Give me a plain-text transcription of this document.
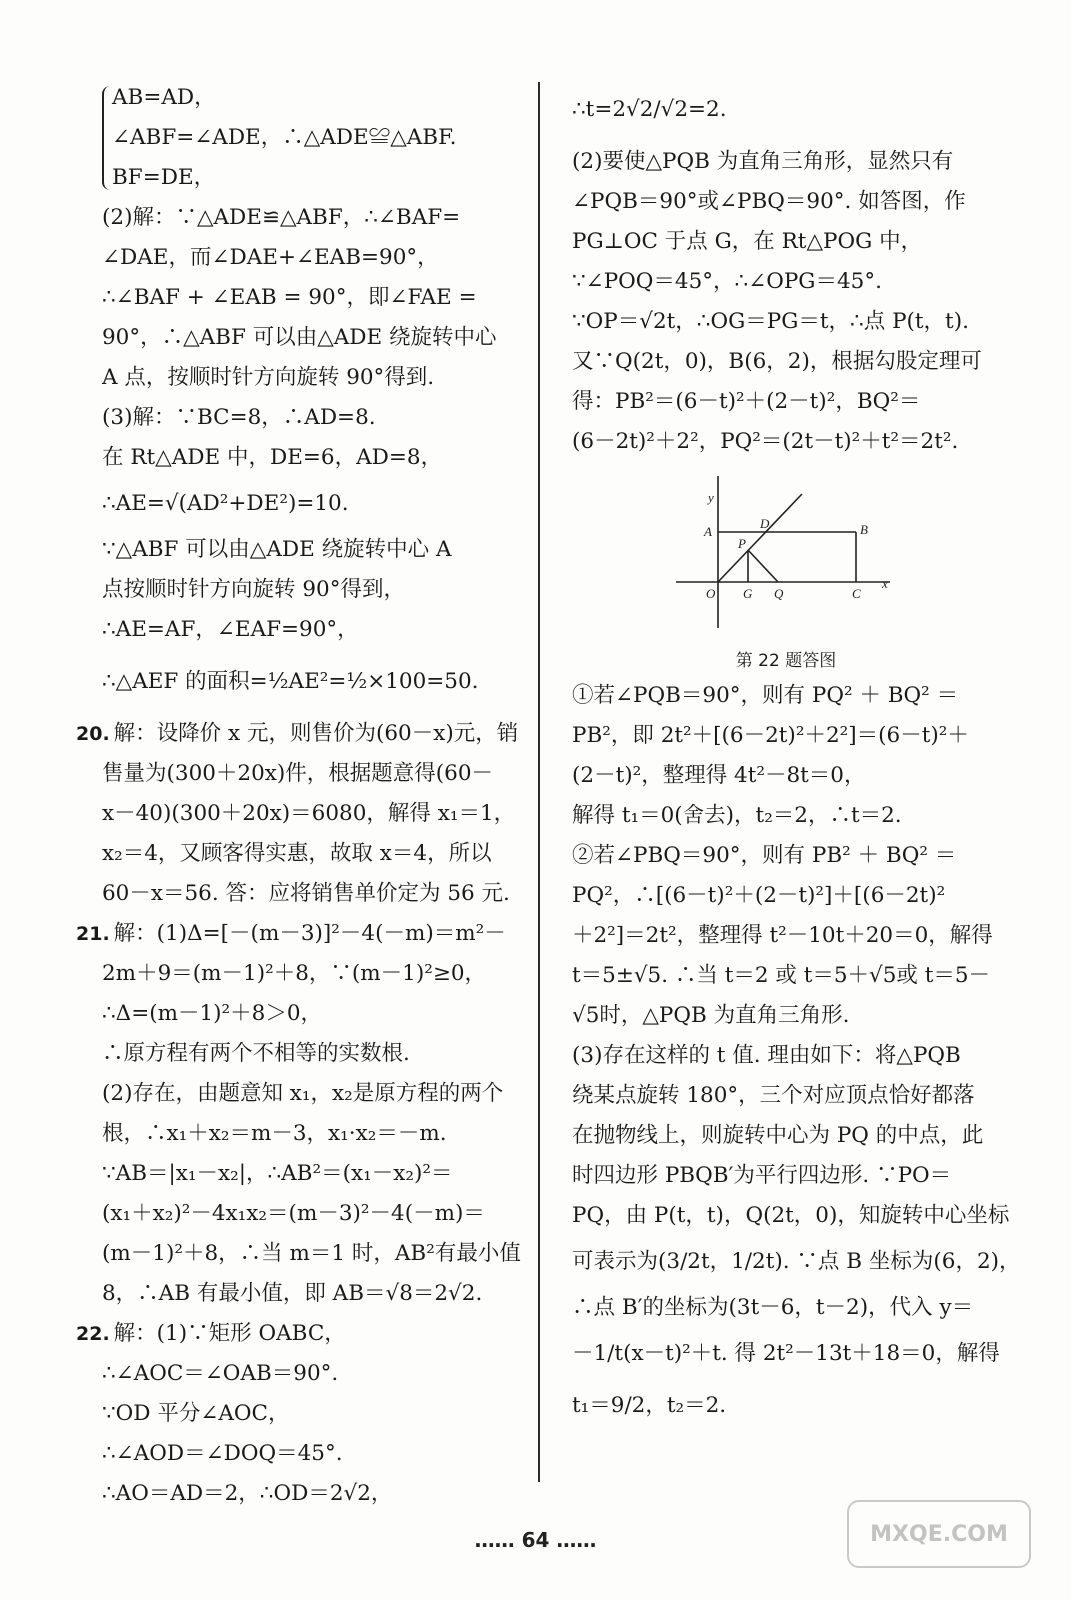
AB=AD，
∠ABF=∠ADE，∴△ADE≌△ABF.
BF=DE，
(2)解：∵△ADE≌△ABF，∴∠BAF=
∠DAE，而∠DAE+∠EAB=90°，
∴∠BAF + ∠EAB = 90°，即∠FAE =
90°，∴△ABF 可以由△ADE 绕旋转中心
A 点，按顺时针方向旋转 90°得到.
(3)解：∵BC=8，∴AD=8.
在 Rt△ADE 中，DE=6，AD=8，
∴AE=√(AD²+DE²)=10.
∵△ABF 可以由△ADE 绕旋转中心 A
点按顺时针方向旋转 90°得到，
∴AE=AF，∠EAF=90°，
∴△AEF 的面积=½AE²=½×100=50.
20. 解：设降价 x 元，则售价为(60－x)元，销
售量为(300＋20x)件，根据题意得(60－
x－40)(300＋20x)＝6080，解得 x₁＝1，
x₂＝4，又顾客得实惠，故取 x＝4，所以
60－x＝56. 答：应将销售单价定为 56 元.
21. 解：(1)Δ=[－(m－3)]²－4(－m)＝m²－
2m＋9＝(m－1)²＋8，∵(m－1)²≥0，
∴Δ=(m－1)²＋8＞0，
∴原方程有两个不相等的实数根.
(2)存在，由题意知 x₁，x₂是原方程的两个
根，∴x₁＋x₂＝m－3，x₁·x₂＝－m.
∵AB＝|x₁－x₂|，∴AB²＝(x₁－x₂)²＝
(x₁＋x₂)²－4x₁x₂＝(m－3)²－4(－m)＝
(m－1)²＋8，∴当 m＝1 时，AB²有最小值
8，∴AB 有最小值，即 AB＝√8＝2√2.
22. 解：(1)∵矩形 OABC，
∴∠AOC＝∠OAB＝90°.
∵OD 平分∠AOC，
∴∠AOD＝∠DOQ＝45°.
∴AO＝AD＝2，∴OD＝2√2，
∴t=2√2/√2=2.
(2)要使△PQB 为直角三角形，显然只有
∠PQB＝90°或∠PBQ＝90°. 如答图，作
PG⊥OC 于点 G，在 Rt△POG 中，
∵∠POQ＝45°，∴∠OPG＝45°.
∵OP＝√2t，∴OG＝PG＝t，∴点 P(t，t).
又∵Q(2t，0)，B(6，2)，根据勾股定理可
得：PB²＝(6－t)²＋(2－t)²，BQ²＝
(6－2t)²＋2²，PQ²＝(2t－t)²＋t²＝2t².
y
x
A	B
C
D
P
O G Q
第 22 题答图
①若∠PQB＝90°，则有 PQ² ＋ BQ² ＝
PB²，即 2t²＋[(6－2t)²＋2²]＝(6－t)²＋
(2－t)²，整理得 4t²－8t＝0，
解得 t₁＝0(舍去)，t₂＝2，∴t＝2.
②若∠PBQ＝90°，则有 PB² ＋ BQ² ＝
PQ²，∴[(6－t)²＋(2－t)²]＋[(6－2t)²
＋2²]＝2t²，整理得 t²－10t＋20＝0，解得
t＝5±√5. ∴当 t＝2 或 t＝5＋√5或 t＝5－
√5时，△PQB 为直角三角形.
(3)存在这样的 t 值. 理由如下：将△PQB
绕某点旋转 180°，三个对应顶点恰好都落
在抛物线上，则旋转中心为 PQ 的中点，此
时四边形 PBQB′为平行四边形. ∵PO＝
PQ，由 P(t，t)，Q(2t，0)，知旋转中心坐标
可表示为(3/2t，1/2t). ∵点 B 坐标为(6，2)，
∴点 B′的坐标为(3t－6，t－2)，代入 y＝
－1/t(x－t)²＋t. 得 2t²－13t＋18＝0，解得
t₁＝9/2，t₂＝2.
…… 64 ……	MXQE.COM
